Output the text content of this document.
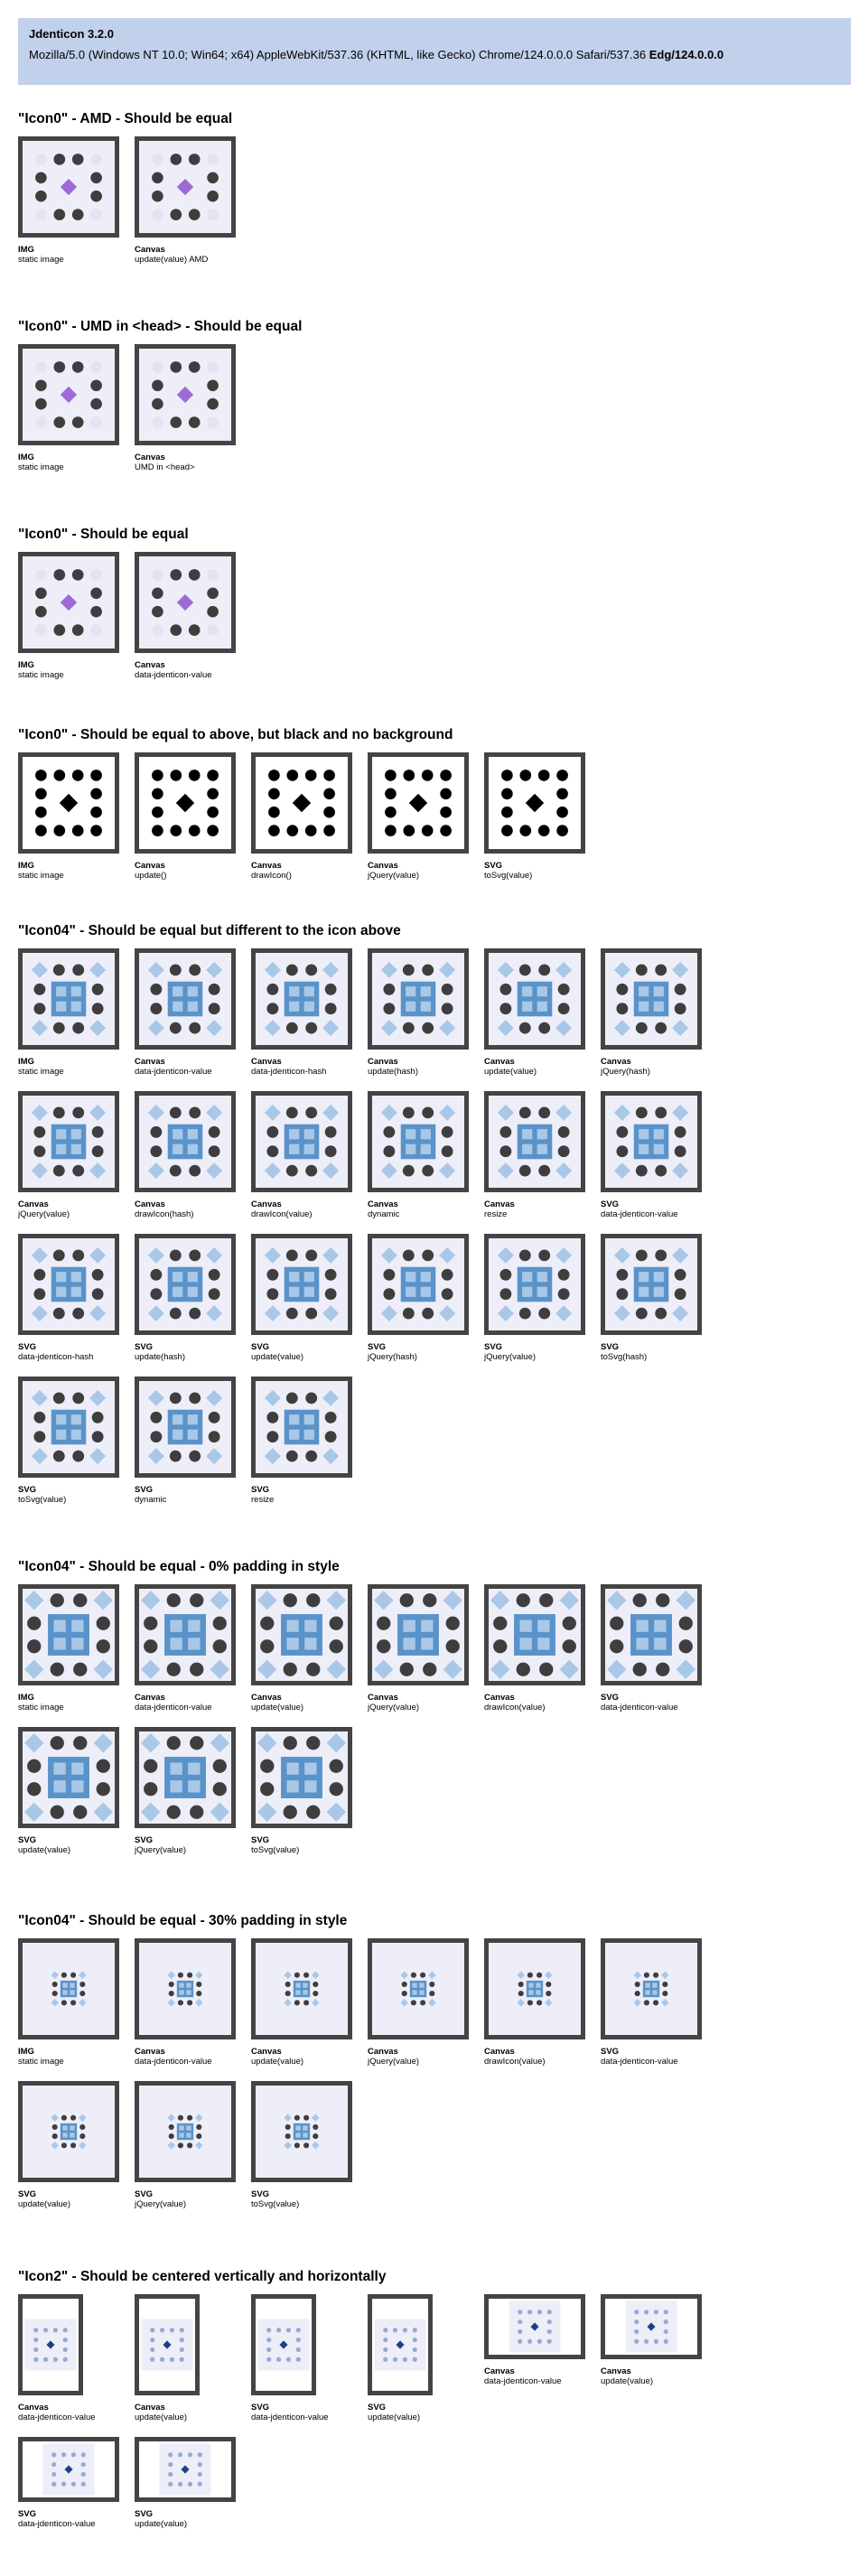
Jdenticon 3.2.0
Mozilla/5.0 (Windows NT 10.0; Win64; x64) AppleWebKit/537.36 (KHTML, like Gecko) Chrome/124.0.0.0 Safari/537.36 Edg/124.0.0.0
"Icon0" - AMD - Should be equal
IMG
static image
Canvas
update(value) AMD
"Icon0" - UMD in <head> - Should be equal
IMG
static image
Canvas
UMD in <head>
"Icon0" - Should be equal
IMG
static image
Canvas
data-jdenticon-value
"Icon0" - Should be equal to above, but black and no background
IMG
static image
Canvas
update()
Canvas
drawIcon()
Canvas
jQuery(value)
SVG
toSvg(value)
"Icon04" - Should be equal but different to the icon above
IMG
static image
Canvas
data-jdenticon-value
Canvas
data-jdenticon-hash
Canvas
update(hash)
Canvas
update(value)
Canvas
jQuery(hash)
Canvas
jQuery(value)
Canvas
drawIcon(hash)
Canvas
drawIcon(value)
Canvas
dynamic
Canvas
resize
SVG
data-jdenticon-value
SVG
data-jdenticon-hash
SVG
update(hash)
SVG
update(value)
SVG
jQuery(hash)
SVG
jQuery(value)
SVG
toSvg(hash)
SVG
toSvg(value)
SVG
dynamic
SVG
resize
"Icon04" - Should be equal - 0% padding in style
IMG
static image
Canvas
data-jdenticon-value
Canvas
update(value)
Canvas
jQuery(value)
Canvas
drawIcon(value)
SVG
data-jdenticon-value
SVG
update(value)
SVG
jQuery(value)
SVG
toSvg(value)
"Icon04" - Should be equal - 30% padding in style
IMG
static image
Canvas
data-jdenticon-value
Canvas
update(value)
Canvas
jQuery(value)
Canvas
drawIcon(value)
SVG
data-jdenticon-value
SVG
update(value)
SVG
jQuery(value)
SVG
toSvg(value)
"Icon2" - Should be centered vertically and horizontally
Canvas
data-jdenticon-value
Canvas
update(value)
SVG
data-jdenticon-value
SVG
update(value)
Canvas
data-jdenticon-value
Canvas
update(value)
SVG
data-jdenticon-value
SVG
update(value)
